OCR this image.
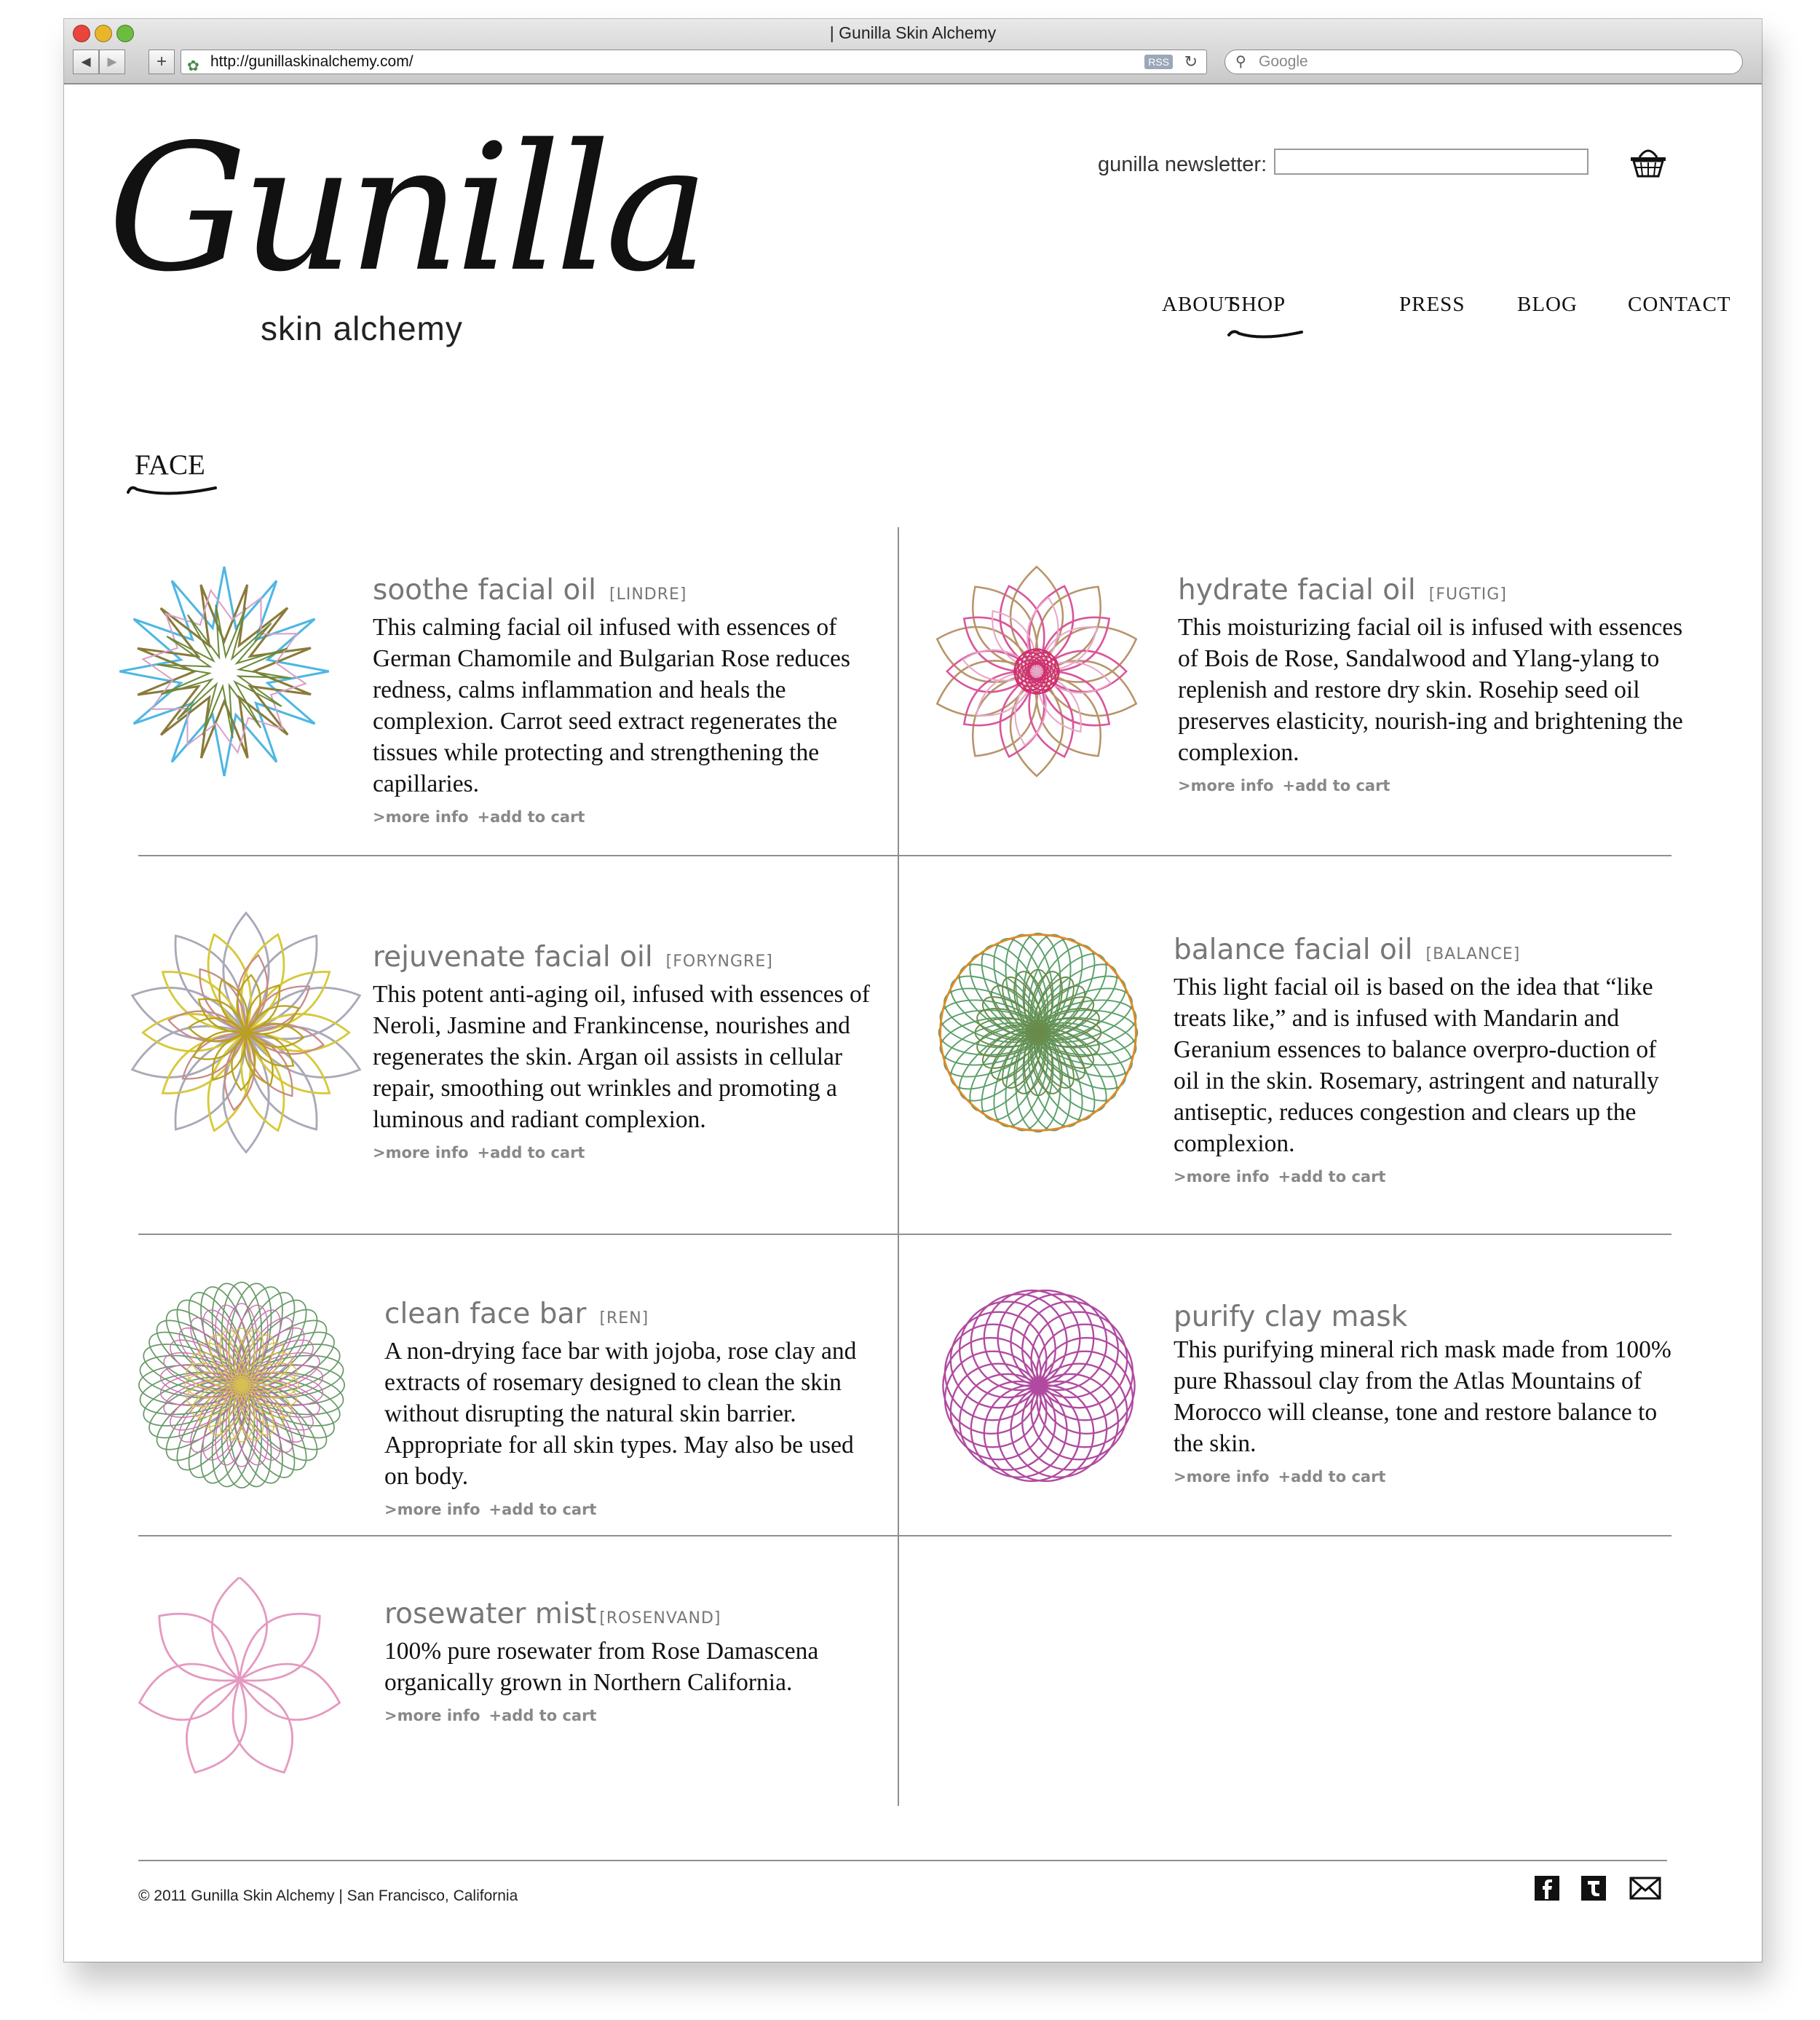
| Gunilla Skin Alchemy
◀	▶	+	✿ http://gunillaskinalchemy.com/	RSS ↻	⚲ Google
Gunilla
skin alchemy
gunilla newsletter:
ABOUT
SHOP	PRESS BLOG CONTACT
FACE
soothe facial oil [LINDRE]
This calming facial oil infused with essences of German Chamomile and Bulgarian Rose reduces redness, calms inflammation and heals the complexion. Carrot seed extract regenerates the tissues while protecting and strengthening the capillaries.
>more info +add to cart
hydrate facial oil [FUGTIG]
This moisturizing facial oil is infused with essences of Bois de Rose, Sandalwood and Ylang-ylang to replenish and restore dry skin. Rosehip seed oil preserves elasticity, nourish-ing and brightening the complexion.
>more info +add to cart
rejuvenate facial oil [FORYNGRE]
This potent anti-aging oil, infused with essences of Neroli, Jasmine and Frankincense, nourishes and regenerates the skin. Argan oil assists in cellular repair, smoothing out wrinkles and promoting a luminous and radiant complexion.
>more info +add to cart
balance facial oil [BALANCE]
This light facial oil is based on the idea that “like treats like,” and is infused with Mandarin and Geranium essences to balance overpro-duction of oil in the skin. Rosemary, astringent and naturally antiseptic, reduces congestion and clears up the complexion.
>more info +add to cart
clean face bar [REN]
A non-drying face bar with jojoba, rose clay and extracts of rosemary designed to clean the skin without disrupting the natural skin barrier. Appropriate for all skin types. May also be used on body.
>more info +add to cart
purify clay mask
This purifying mineral rich mask made from 100% pure Rhassoul clay from the Atlas Mountains of Morocco will cleanse, tone and restore balance to the skin.
>more info +add to cart
rosewater mist [ROSENVAND]
100% pure rosewater from Rose Damascena organically grown in Northern California.
>more info +add to cart
© 2011 Gunilla Skin Alchemy | San Francisco, California
